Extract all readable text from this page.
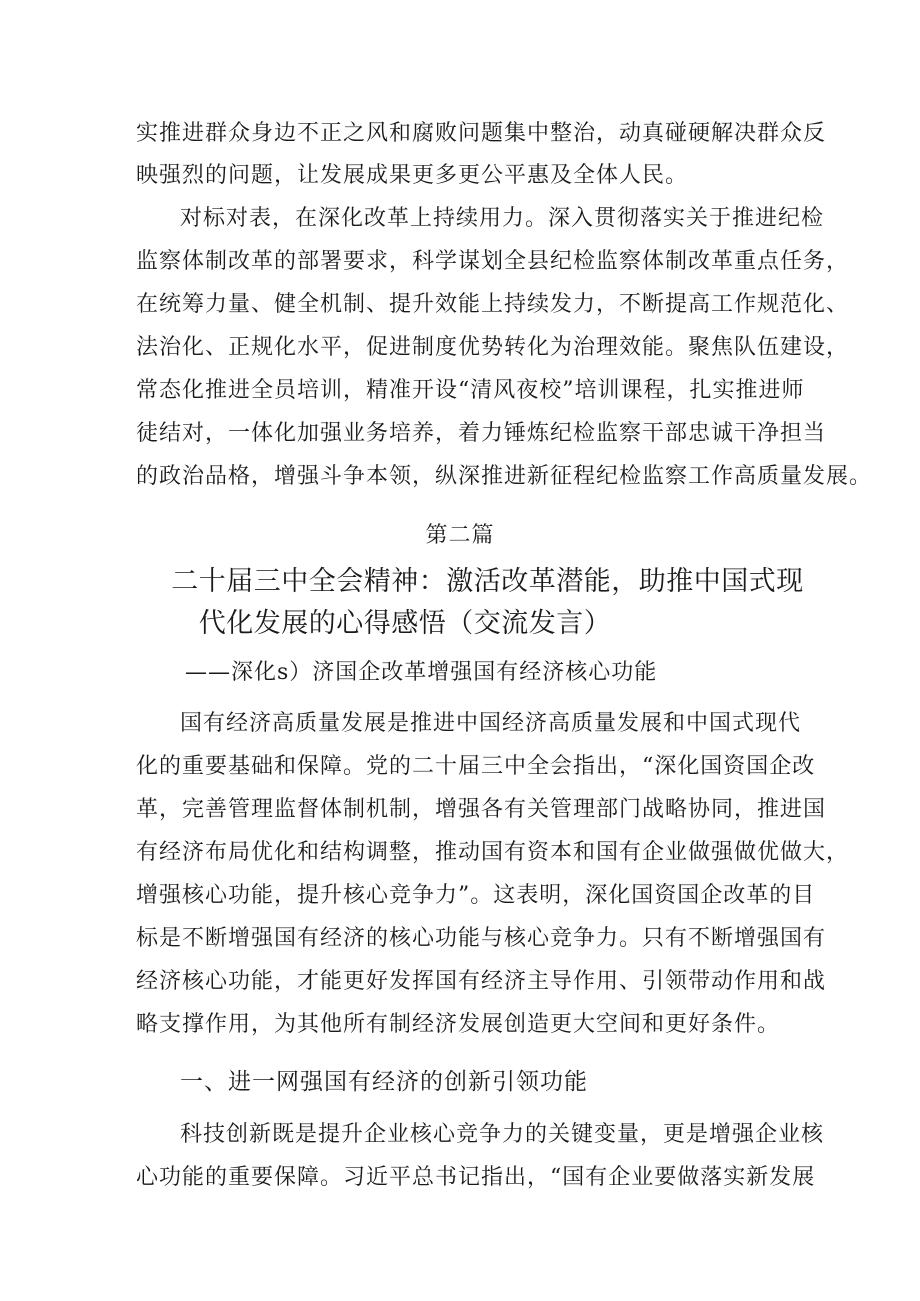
实推进群众身边不正之风和腐败问题集中整治，动真碰硬解决群众反
映强烈的问题，让发展成果更多更公平惠及全体人民。
对标对表，在深化改革上持续用力。深入贯彻落实关于推进纪检
监察体制改革的部署要求，科学谋划全县纪检监察体制改革重点任务，
在统筹力量、健全机制、提升效能上持续发力，不断提高工作规范化、
法治化、正规化水平，促进制度优势转化为治理效能。聚焦队伍建设，
常态化推进全员培训，精准开设“清风夜校”培训课程，扎实推进师
徒结对，一体化加强业务培养，着力锤炼纪检监察干部忠诚干净担当
的政治品格，增强斗争本领，纵深推进新征程纪检监察工作高质量发展。
第二篇
二十届三中全会精神：激活改革潜能，助推中国式现
代化发展的心得感悟（交流发言）
——深化s）济国企改革增强国有经济核心功能
国有经济高质量发展是推进中国经济高质量发展和中国式现代
化的重要基础和保障。党的二十届三中全会指出，“深化国资国企改
革，完善管理监督体制机制，增强各有关管理部门战略协同，推进国
有经济布局优化和结构调整，推动国有资本和国有企业做强做优做大，
增强核心功能，提升核心竞争力”。这表明，深化国资国企改革的目
标是不断增强国有经济的核心功能与核心竞争力。只有不断增强国有
经济核心功能，才能更好发挥国有经济主导作用、引领带动作用和战
略支撑作用，为其他所有制经济发展创造更大空间和更好条件。
一、进一网强国有经济的创新引领功能
科技创新既是提升企业核心竞争力的关键变量，更是增强企业核
心功能的重要保障。习近平总书记指出，“国有企业要做落实新发展
